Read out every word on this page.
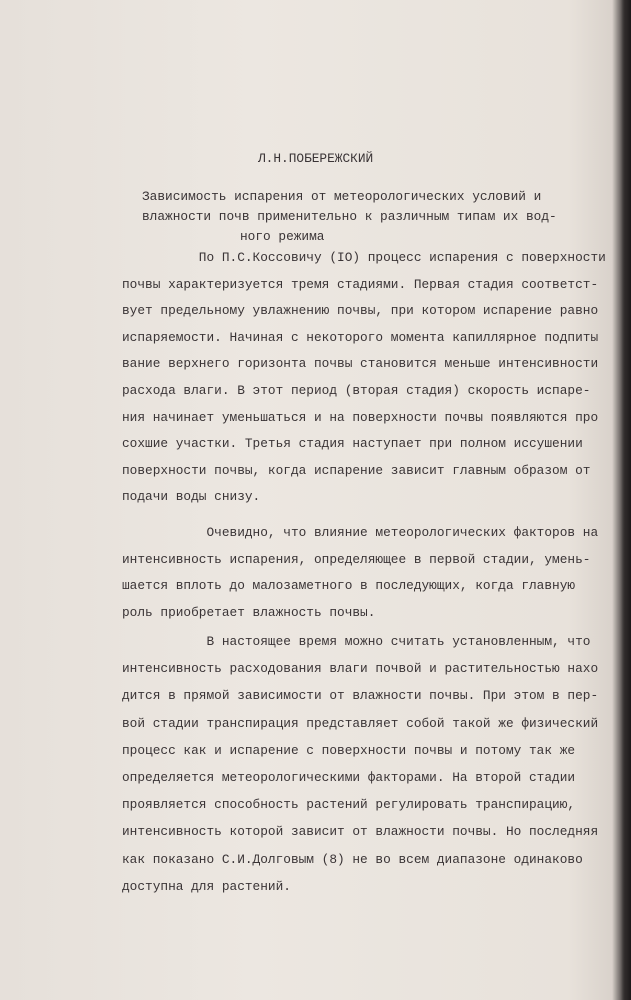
Л.Н.ПОБЕРЕЖСКИЙ
Зависимость испарения от метеорологических условий и
влажности почв применительно к различным типам их вод-
ного режима
По П.С.Коссовичу (IO) процесс испарения с поверхности
почвы характеризуется тремя стадиями. Первая стадия соответст-
вует предельному увлажнению почвы, при котором испарение равно
испаряемости. Начиная с некоторого момента капиллярное подпиты
вание верхнего горизонта почвы становится меньше интенсивности
расхода влаги. В этот период (вторая стадия) скорость испаре-
ния начинает уменьшаться и на поверхности почвы появляются про
сохшие участки. Третья стадия наступает при полном иссушении
поверхности почвы, когда испарение зависит главным образом от
подачи воды снизу.
Очевидно, что влияние метеорологических факторов на
интенсивность испарения, определяющее в первой стадии, умень-
шается вплоть до малозаметного в последующих, когда главную
роль приобретает влажность почвы.
В настоящее время можно считать установленным, что
интенсивность расходования влаги почвой и растительностью нахо
дится в прямой зависимости от влажности почвы. При этом в пер-
вой стадии транспирация представляет собой такой же физический
процесс как и испарение с поверхности почвы и потому так же
определяется метеорологическими факторами. На второй стадии
проявляется способность растений регулировать транспирацию,
интенсивность которой зависит от влажности почвы. Но последняя
как показано С.И.Долговым (8) не во всем диапазоне одинаково
доступна для растений.
